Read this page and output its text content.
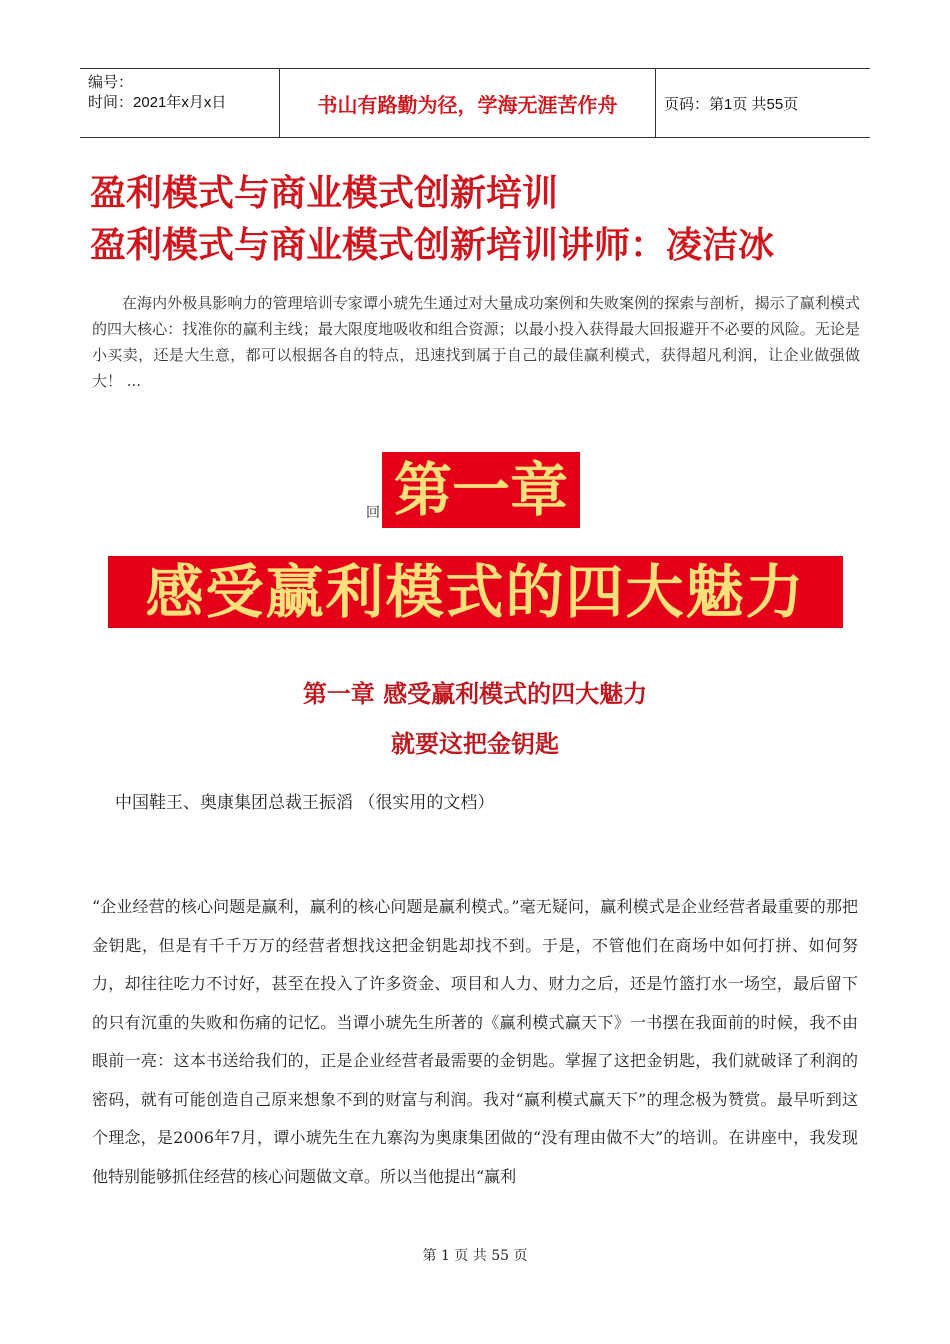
编号：
时间：2021年x月x日	书山有路勤为径，学海无涯苦作舟	页码：第1页 共55页
盈利模式与商业模式创新培训
盈利模式与商业模式创新培训讲师：凌洁冰

在海内外极具影响力的管理培训专家谭小琥先生通过对大量成功案例和失败案例的探索与剖析，揭示了赢利模式的四大核心：找准你的赢利主线；最大限度地吸收和组合资源；以最小投入获得最大回报避开不必要的风险。无论是小买卖，还是大生意，都可以根据各自的特点，迅速找到属于自己的最佳赢利模式，获得超凡利润，让企业做强做大！ ...

回 第一章
感受赢利模式的四大魅力
第一章 感受赢利模式的四大魅力
就要这把金钥匙

中国鞋王、奥康集团总裁王振滔 （很实用的文档）

“企业经营的核心问题是赢利，赢利的核心问题是赢利模式。”毫无疑问，赢利模式是企业经营者最重要的那把金钥匙，但是有千千万万的经营者想找这把金钥匙却找不到。于是，不管他们在商场中如何打拼、如何努力，却往往吃力不讨好，甚至在投入了许多资金、项目和人力、财力之后，还是竹篮打水一场空，最后留下的只有沉重的失败和伤痛的记忆。当谭小琥先生所著的《赢利模式赢天下》一书摆在我面前的时候，我不由眼前一亮：这本书送给我们的，正是企业经营者最需要的金钥匙。掌握了这把金钥匙，我们就破译了利润的密码，就有可能创造自己原来想象不到的财富与利润。我对“赢利模式赢天下”的理念极为赞赏。最早听到这个理念，是2006年7月，谭小琥先生在九寨沟为奥康集团做的“没有理由做不大”的培训。在讲座中，我发现他特别能够抓住经营的核心问题做文章。所以当他提出“赢利

第 1 页 共 55 页
